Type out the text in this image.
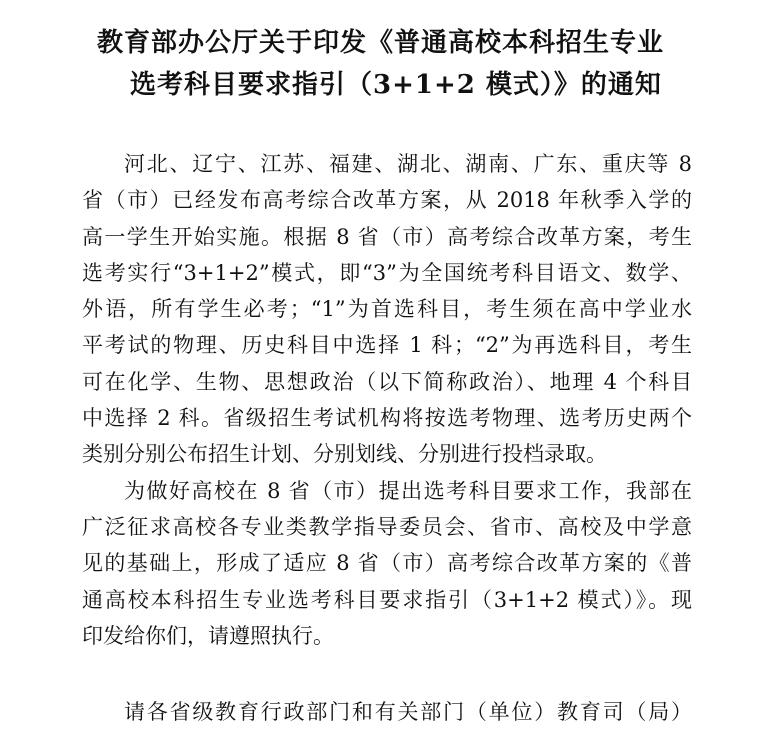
教育部办公厅关于印发《普通高校本科招生专业
选考科目要求指引（3+1+2 模式）》的通知
河北、辽宁、江苏、福建、湖北、湖南、广东、重庆等 8
省（市）已经发布高考综合改革方案，从 2018 年秋季入学的
高一学生开始实施。根据 8 省（市）高考综合改革方案，考生
选考实行“3+1+2”模式，即“3”为全国统考科目语文、数学、
外语，所有学生必考；“1”为首选科目，考生须在高中学业水
平考试的物理、历史科目中选择 1 科；“2”为再选科目，考生
可在化学、生物、思想政治（以下简称政治）、地理 4 个科目
中选择 2 科。省级招生考试机构将按选考物理、选考历史两个
类别分别公布招生计划、分别划线、分别进行投档录取。
为做好高校在 8 省（市）提出选考科目要求工作，我部在
广泛征求高校各专业类教学指导委员会、省市、高校及中学意
见的基础上，形成了适应 8 省（市）高考综合改革方案的《普
通高校本科招生专业选考科目要求指引（3+1+2 模式）》。现
印发给你们，请遵照执行。
请各省级教育行政部门和有关部门（单位）教育司（局）
